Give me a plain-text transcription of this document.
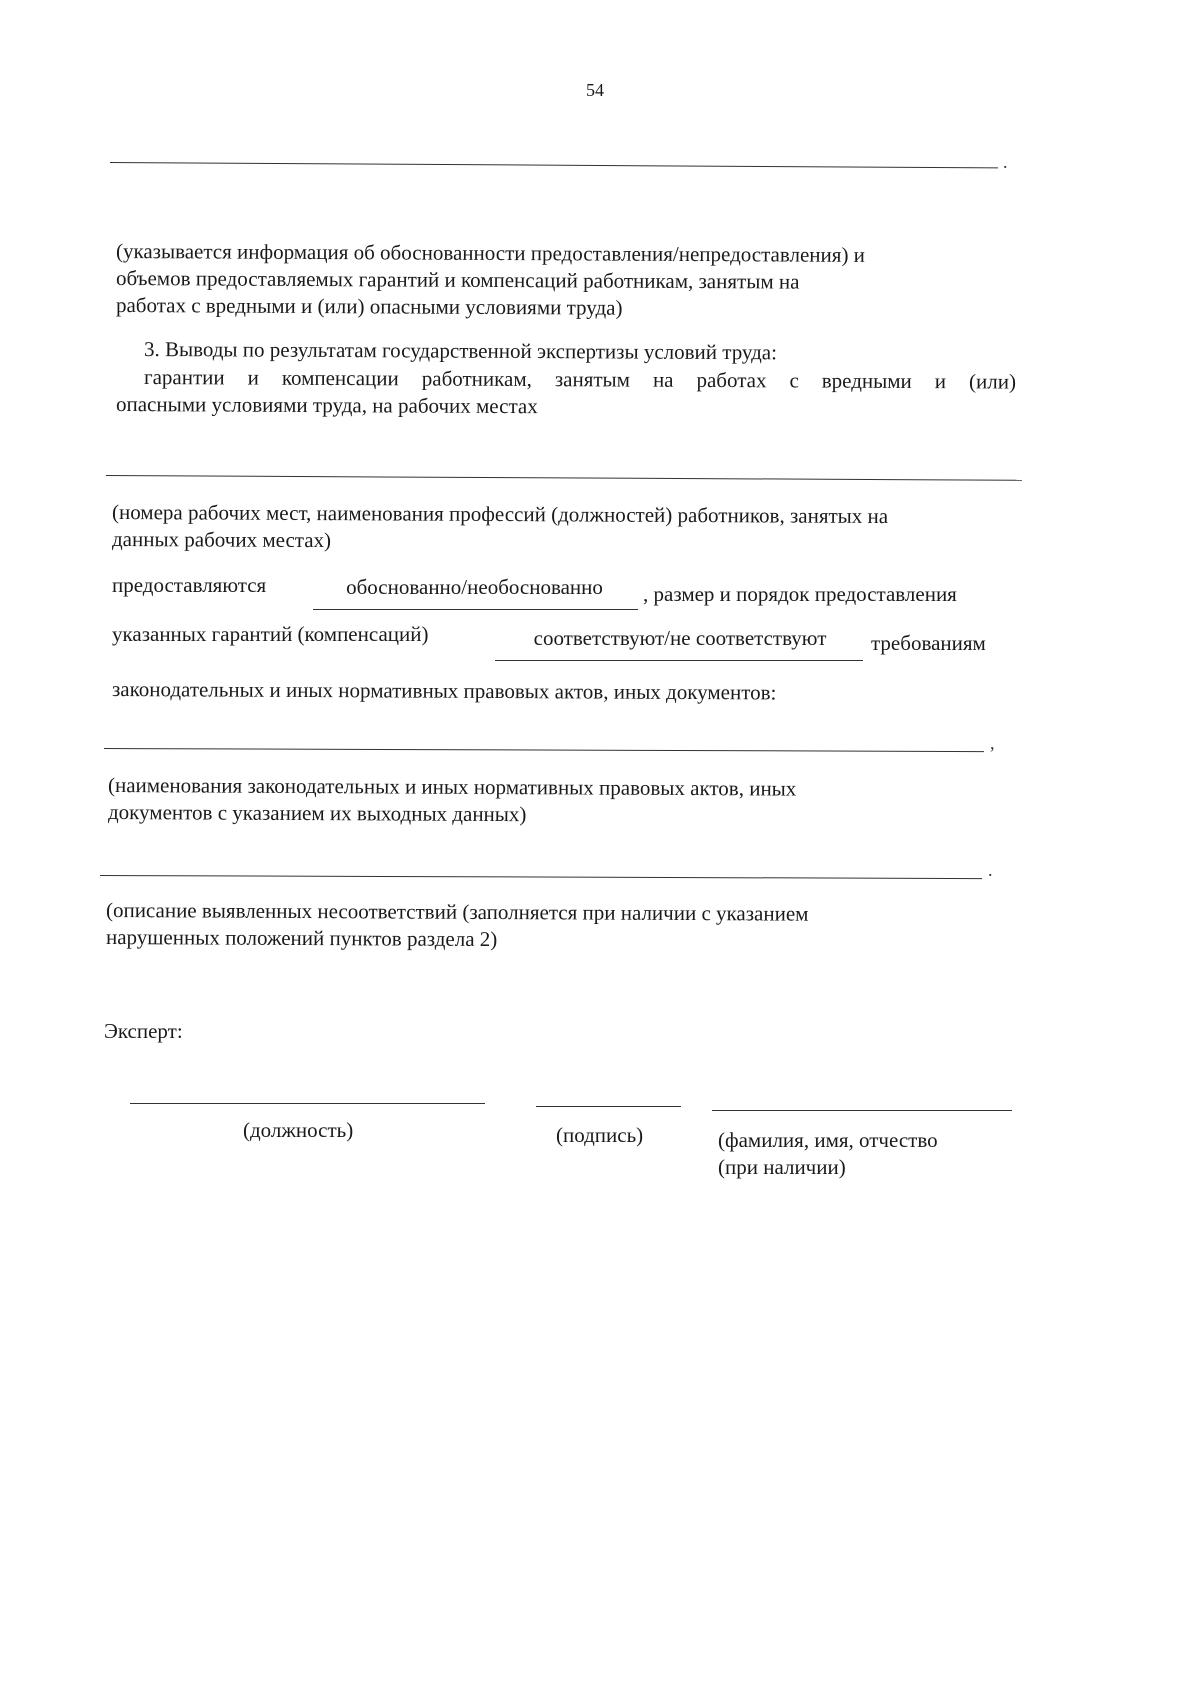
54
.
(указывается информация об обоснованности предоставления/непредоставления) и
объемов предоставляемых гарантий и компенсаций работникам, занятым на
работах с вредными и (или) опасными условиями труда)
3. Выводы по результатам государственной экспертизы условий труда:
гарантии и компенсации работникам, занятым на работах с вредными и (или)
опасными условиями труда, на рабочих местах
(номера рабочих мест, наименования профессий (должностей) работников, занятых на
данных рабочих местах)
предоставляются	обоснованно/необоснованно	, размер и порядок предоставления
указанных гарантий (компенсаций)	соответствуют/не соответствуют	требованиям
законодательных и иных нормативных правовых актов, иных документов:
,
(наименования законодательных и иных нормативных правовых актов, иных
документов с указанием их выходных данных)
.
(описание выявленных несоответствий (заполняется при наличии с указанием
нарушенных положений пунктов раздела 2)
Эксперт:
(должность)	(подпись)	(фамилия, имя, отчество
(при наличии)
